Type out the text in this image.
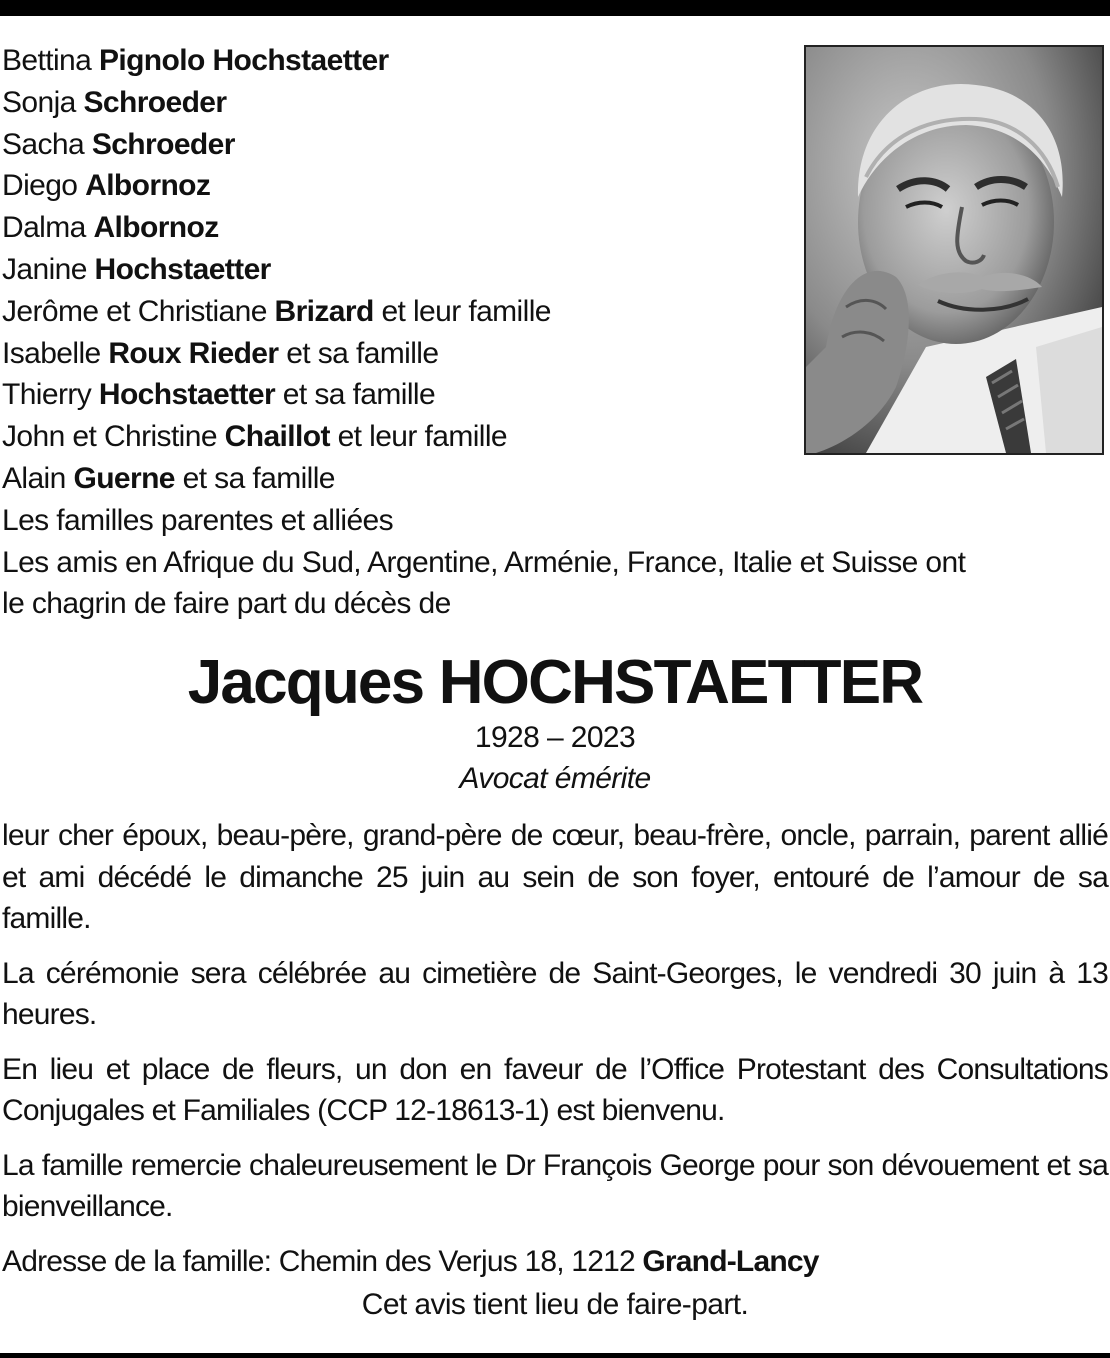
Bettina Pignolo Hochstaetter
Sonja Schroeder
Sacha Schroeder
Diego Albornoz
Dalma Albornoz
Janine Hochstaetter
Jerôme et Christiane Brizard et leur famille
Isabelle Roux Rieder et sa famille
Thierry Hochstaetter et sa famille
John et Christine Chaillot et leur famille
Alain Guerne et sa famille
Les familles parentes et alliées
Les amis en Afrique du Sud, Argentine, Arménie, France, Italie et Suisse ont
le chagrin de faire part du décès de
Jacques HOCHSTAETTER
1928 – 2023
Avocat émérite

leur cher époux, beau-père, grand-père de cœur, beau-frère, oncle, parrain, parent allié et ami décédé le dimanche 25 juin au sein de son foyer, entouré de l’amour de sa famille.

La cérémonie sera célébrée au cimetière de Saint-Georges, le vendredi 30 juin à 13 heures.

En lieu et place de fleurs, un don en faveur de l’Office Protestant des Consultations Conjugales et Familiales (CCP 12-18613-1) est bienvenu.

La famille remercie chaleureusement le Dr François George pour son dévouement et sa bienveillance.

Adresse de la famille: Chemin des Verjus 18, 1212 Grand-Lancy

Cet avis tient lieu de faire-part.
